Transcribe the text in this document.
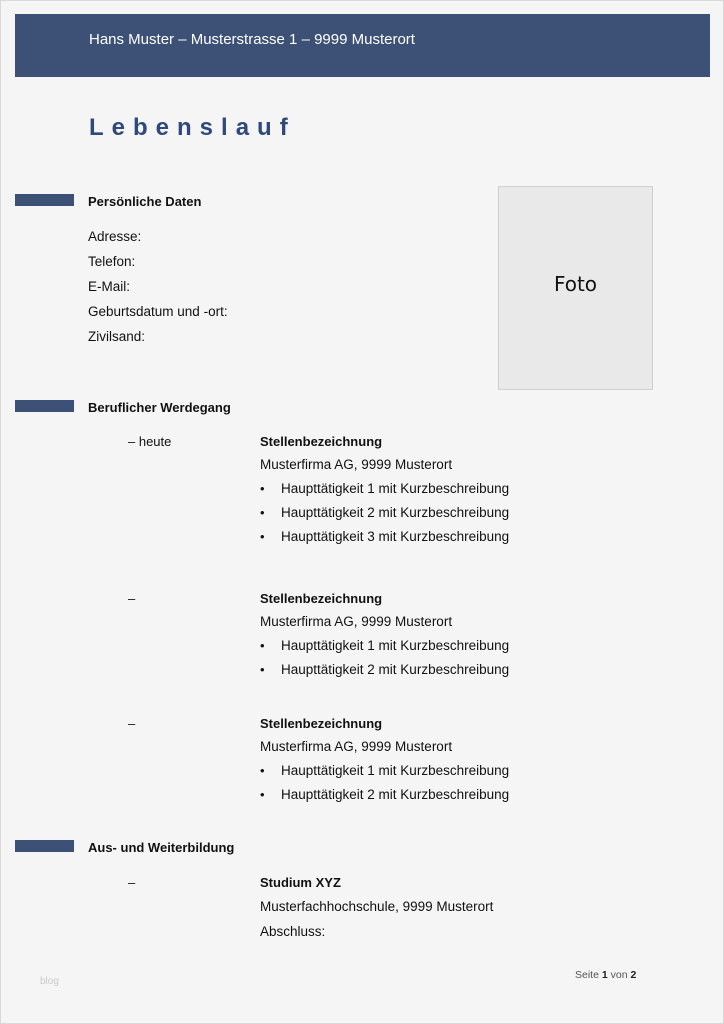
Hans Muster – Musterstrasse 1 – 9999 Musterort
Lebenslauf
Persönliche Daten
Adresse:
Telefon:
E-Mail:
Geburtsdatum und -ort:
Zivilsand:
Foto
Beruflicher Werdegang
– heute	Stellenbezeichnung
Musterfirma AG, 9999 Musterort
• Haupttätigkeit 1 mit Kurzbeschreibung
• Haupttätigkeit 2 mit Kurzbeschreibung
• Haupttätigkeit 3 mit Kurzbeschreibung
–	Stellenbezeichnung
Musterfirma AG, 9999 Musterort
• Haupttätigkeit 1 mit Kurzbeschreibung
• Haupttätigkeit 2 mit Kurzbeschreibung
–	Stellenbezeichnung
Musterfirma AG, 9999 Musterort
• Haupttätigkeit 1 mit Kurzbeschreibung
• Haupttätigkeit 2 mit Kurzbeschreibung
Aus- und Weiterbildung
–	Studium XYZ
Musterfachhochschule, 9999 Musterort
Abschluss:
blog
Seite 1 von 2
